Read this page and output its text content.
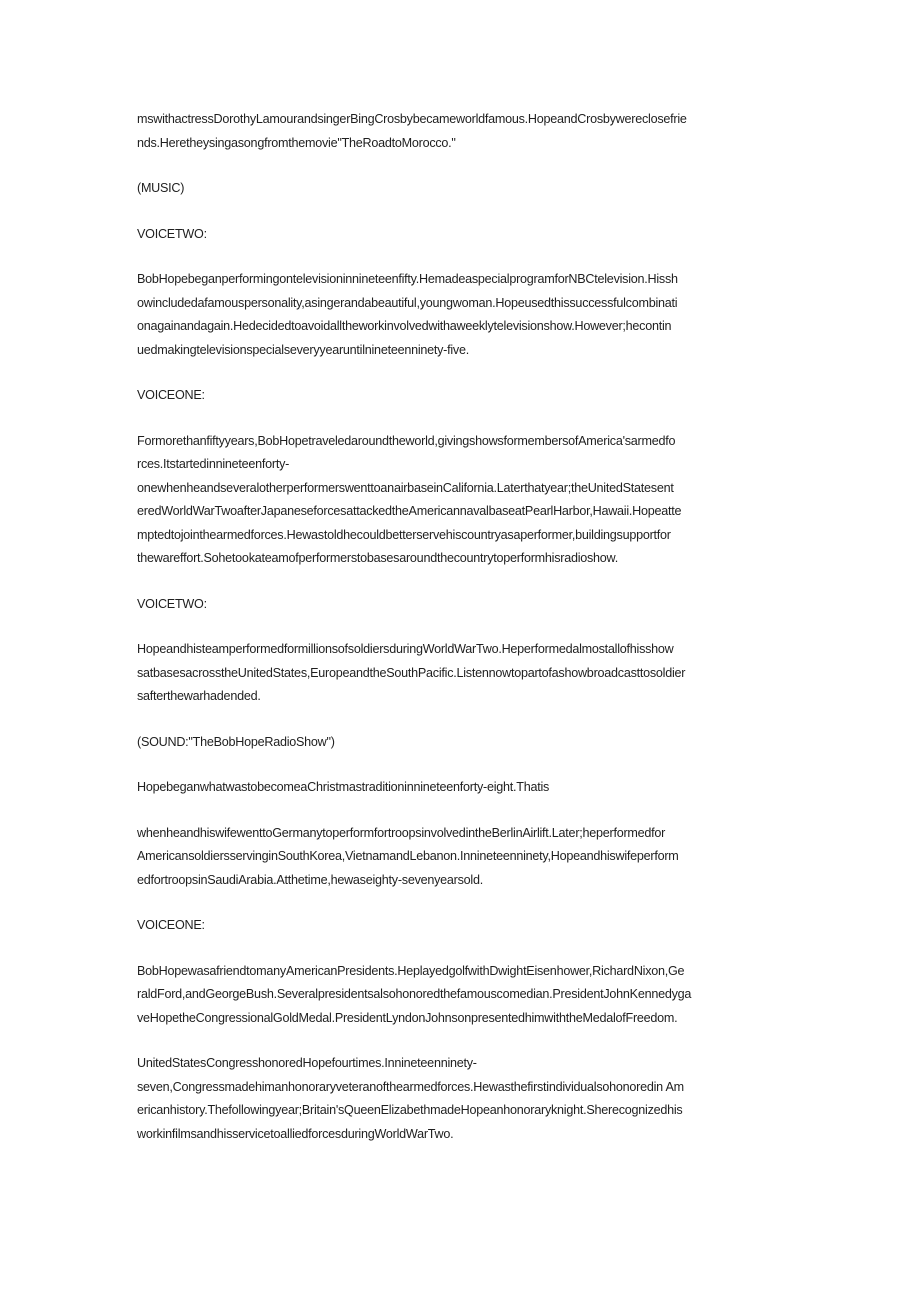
mswithactressDorothyLamourandsingerBingCrosbybecameworldfamous.HopeandCrosbywereclosefrie
nds.Heretheysingasongfromthemovie"TheRoadtoMorocco."

(MUSIC)

VOICETWO:

BobHopebeganperformingontelevisioninnineteenfifty.HemadeaspecialprogramforNBCtelevision.Hissh
owincludedafamouspersonality,asingerandabeautiful,youngwoman.Hopeusedthissuccessfulcombinati
onagainandagain.Hedecidedtoavoidalltheworkinvolvedwithaweeklytelevisionshow.However;hecontin
uedmakingtelevisionspecialseveryyearuntilnineteenninety-five.

VOICEONE:

Formorethanfiftyyears,BobHopetraveledaroundtheworld,givingshowsformembersofAmerica'sarmedfo
rces.Itstartedinnineteenforty-
onewhenheandseveralotherperformerswenttoanairbaseinCalifornia.Laterthatyear;theUnitedStatesent
eredWorldWarTwoafterJapaneseforcesattackedtheAmericannavalbaseatPearlHarbor,Hawaii.Hopeatte
mptedtojointhearmedforces.Hewastoldhecouldbetterservehiscountryasaperformer,buildingsupportfor
thewareffort.Sohetookateamofperformerstobasesaroundthecountrytoperformhisradioshow.

VOICETWO:

HopeandhisteamperformedformillionsofsoldiersduringWorldWarTwo.Heperformedalmostallofhisshow
satbasesacrosstheUnitedStates,EuropeandtheSouthPacific.Listennowtopartofashowbroadcasttosoldier
safterthewarhadended.

(SOUND:"TheBobHopeRadioShow")

HopebeganwhatwastobecomeaChristmastraditioninnineteenforty-eight.Thatis

whenheandhiswifewenttoGermanytoperformfortroopsinvolvedintheBerlinAirlift.Later;heperformedfor
AmericansoldiersservinginSouthKorea,VietnamandLebanon.Innineteenninety,Hopeandhiswifeperform
edfortroopsinSaudiArabia.Atthetime,hewaseighty-sevenyearsold.

VOICEONE:

BobHopewasafriendtomanyAmericanPresidents.HeplayedgolfwithDwightEisenhower,RichardNixon,Ge
raldFord,andGeorgeBush.Severalpresidentsalsohonoredthefamouscomedian.PresidentJohnKennedyga
veHopetheCongressionalGoldMedal.PresidentLyndonJohnsonpresentedhimwiththeMedalofFreedom.

UnitedStatesCongresshonoredHopefourtimes.Innineteenninety-
seven,Congressmadehimanhonoraryveteranofthearmedforces.Hewasthefirstindividualsohonoredin Am
ericanhistory.Thefollowingyear;Britain'sQueenElizabethmadeHopeanhonoraryknight.Sherecognizedhis
workinfilmsandhisservicetoalliedforcesduringWorldWarTwo.
